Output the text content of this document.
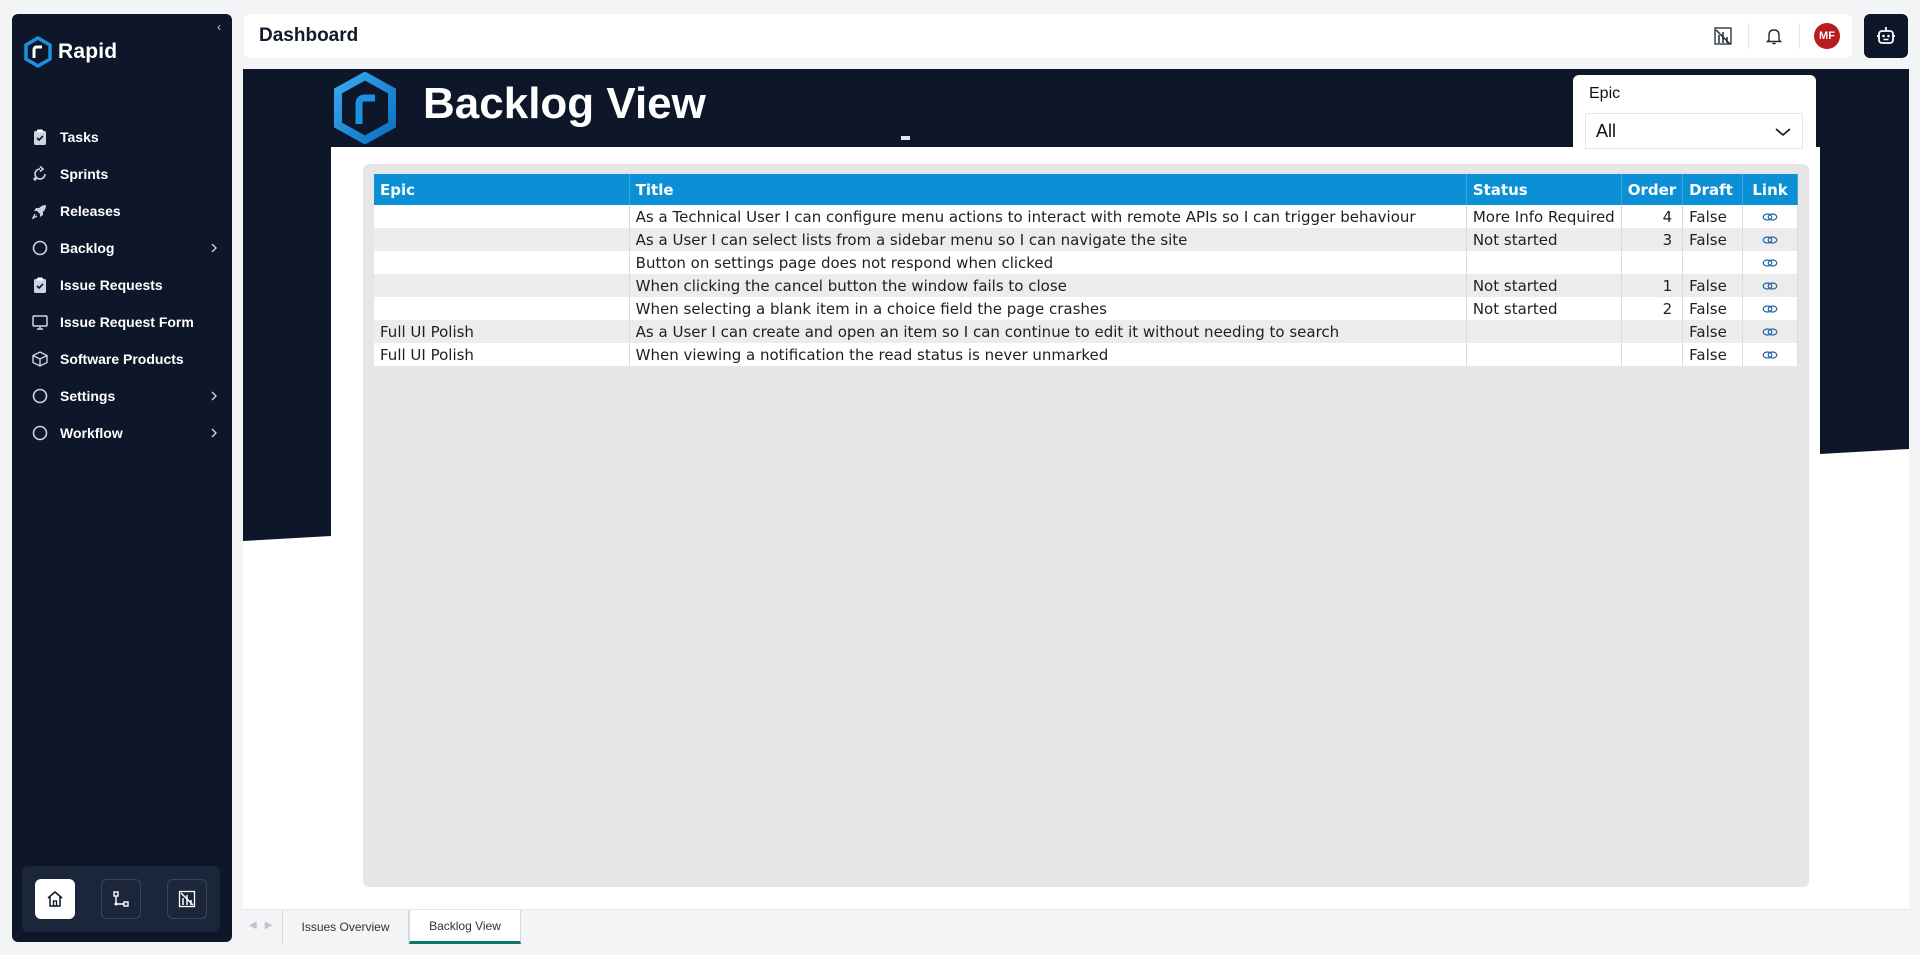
‹
Rapid
Tasks
Sprints
Releases
Backlog
Issue Requests
Issue Request Form
Software Products
Settings
Workflow
Dashboard	MF
Backlog View	Epic
All
Epic	Title	Status	Order	Draft	Link
	As a Technical User I can configure menu actions to interact with remote APIs so I can trigger behaviour	More Info Required	4	False	
	As a User I can select lists from a sidebar menu so I can navigate the site	Not started	3	False	
	Button on settings page does not respond when clicked				
	When clicking the cancel button the window fails to close	Not started	1	False	
	When selecting a blank item in a choice field the page crashes	Not started	2	False	
Full UI Polish	As a User I can create and open an item so I can continue to edit it without needing to search			False	
Full UI Polish	When viewing a notification the read status is never unmarked			False	
◀▶	Issues Overview	Backlog View
